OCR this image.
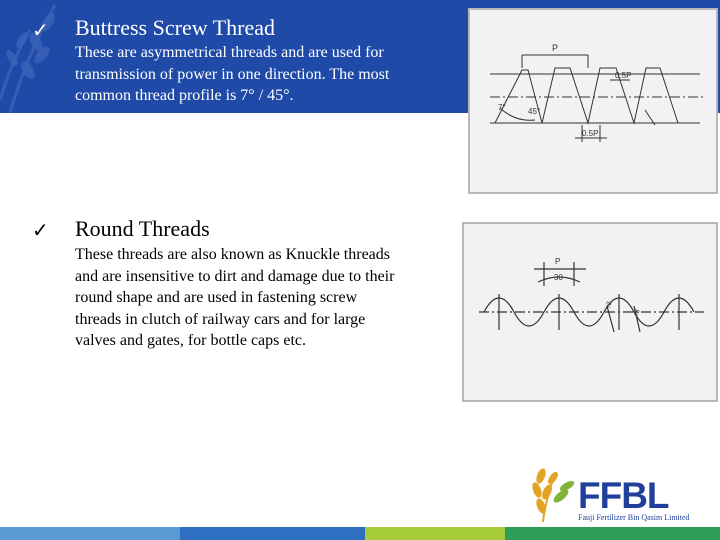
✓ Buttress Screw Thread
These are asymmetrical threads and are used for transmission of power in one direction. The most common thread profile is 7° / 45°.
P
0.5P
0.5P
7°	45°
✓ Round Threads
These threads are also known as Knuckle threads and are insensitive to dirt and damage due to their round shape and are used in fastening screw threads in clutch of railway cars and for large valves and gates, for bottle caps etc.
P
30
r2
r3
FFBL
Fauji Fertilizer Bin Qasim Limited
